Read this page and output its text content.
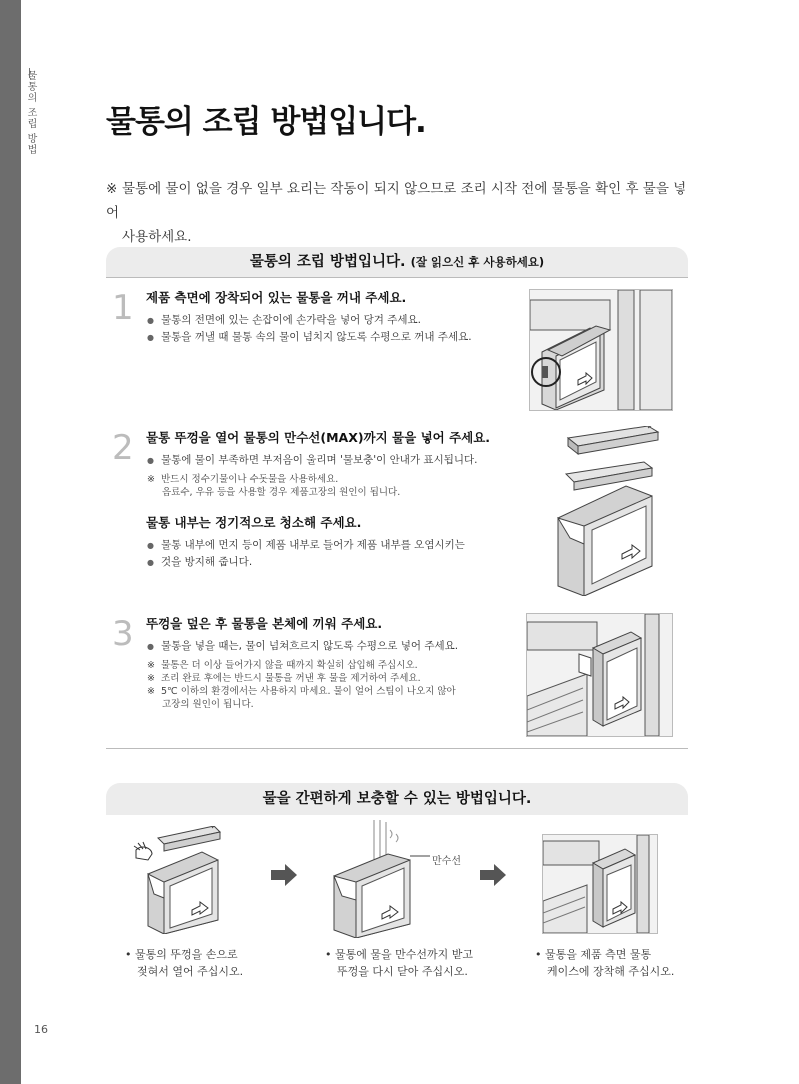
물통의 조립 방법 물통의 조립 방법입니다.
※ 물통에 물이 없을 경우 일부 요리는 작동이 되지 않으므로 조리 시작 전에 물통을 확인 후 물을 넣어
사용하세요.
물통의 조립 방법입니다. (잘 읽으신 후 사용하세요)
1 제품 측면에 장착되어 있는 물통을 꺼내 주세요.
● 물통의 전면에 있는 손잡이에 손가락을 넣어 당겨 주세요.
● 물통을 꺼낼 때 물통 속의 물이 넘치지 않도록 수평으로 꺼내 주세요.
2 물통 뚜껑을 열어 물통의 만수선(MAX)까지 물을 넣어 주세요.
● 물통에 물이 부족하면 부저음이 울리며 '물보충'이 안내가 표시됩니다.
※ 반드시 정수기물이나 수돗물을 사용하세요.
음료수, 우유 등을 사용할 경우 제품고장의 원인이 됩니다.
물통 내부는 정기적으로 청소해 주세요.
● 물통 내부에 먼지 등이 제품 내부로 들어가 제품 내부를 오염시키는
● 것을 방지해 줍니다.
3 뚜껑을 덮은 후 물통을 본체에 끼워 주세요.
● 물통을 넣을 때는, 물이 넘쳐흐르지 않도록 수평으로 넣어 주세요.
※ 물통은 더 이상 들어가지 않을 때까지 확실히 삽입해 주십시오.
※ 조리 완료 후에는 반드시 물통을 꺼낸 후 물을 제거하여 주세요.
※ 5℃ 이하의 환경에서는 사용하지 마세요. 물이 얼어 스팀이 나오지 않아
고장의 원인이 됩니다.
물을 간편하게 보충할 수 있는 방법입니다.
만수선
• 물통의 뚜껑을 손으로
젖혀서 열어 주십시오.
• 물통에 물을 만수선까지 받고
뚜껑을 다시 닫아 주십시오.
• 물통을 제품 측면 물통
케이스에 장착해 주십시오.
16
